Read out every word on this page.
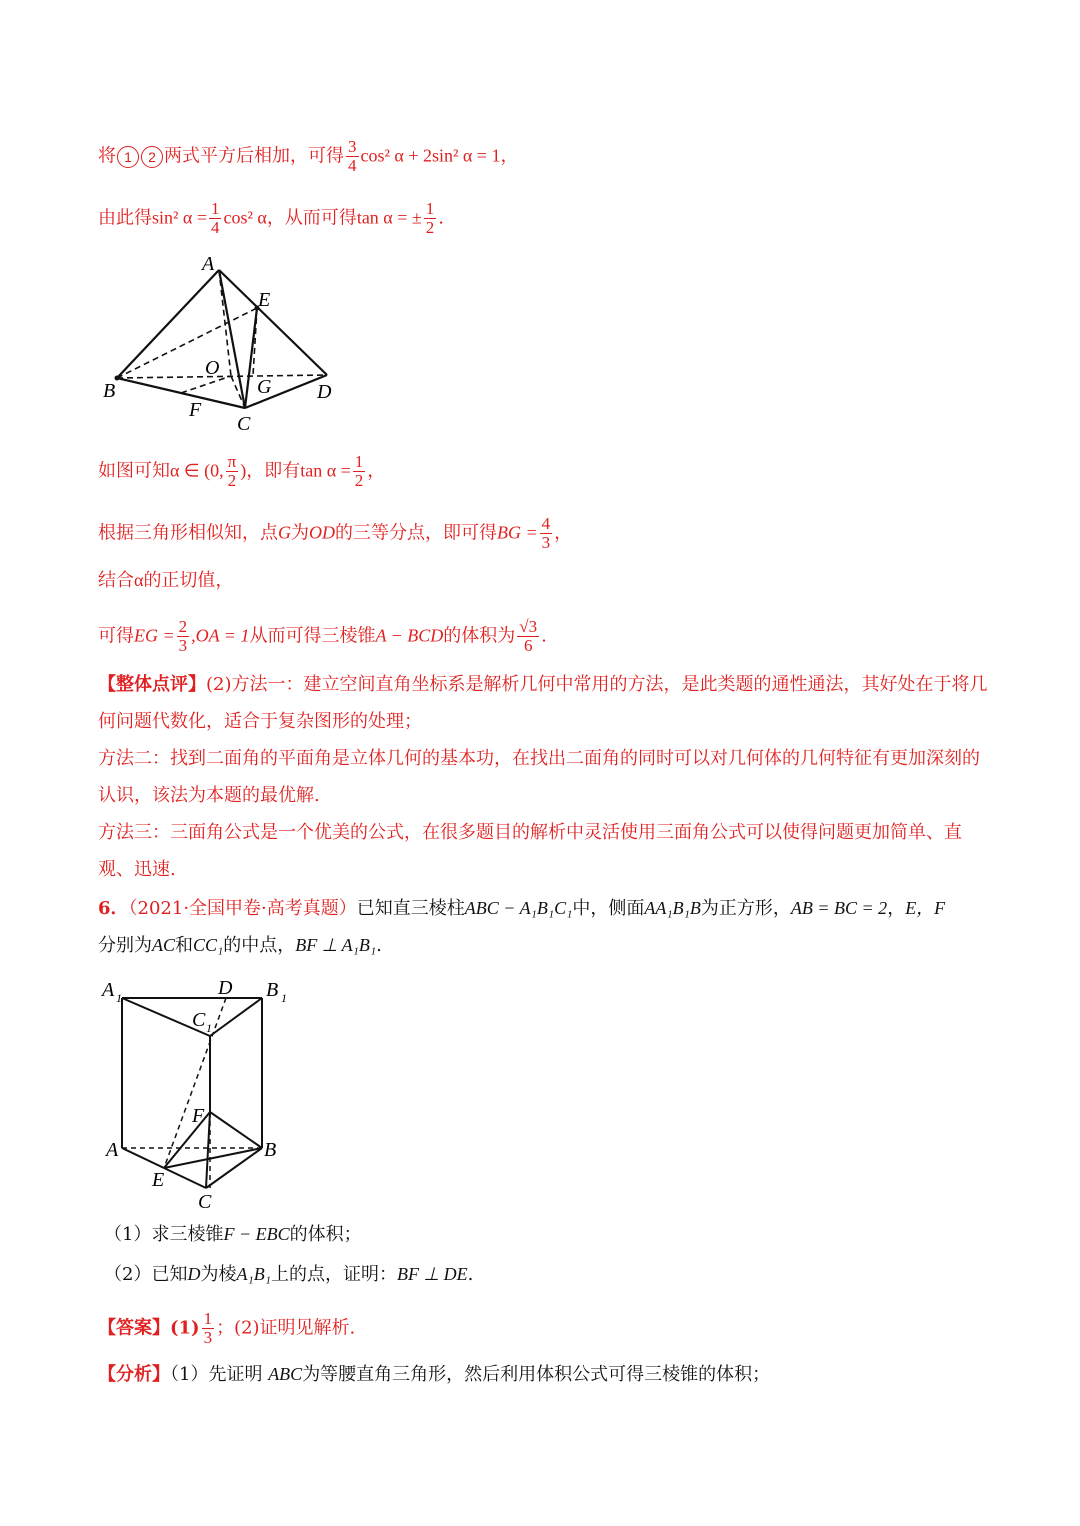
将 1 2 两式平方后相加，可得 $\frac{3}{4} \cos^2$ α + 2sin² α = 1，
由此得sin² $\alpha = \frac{1}{4} \cos^2$ α，从而可得tan α = ± $\frac{1}{2}$ .
A
E
O
G
B	D
F
C
如图可知α ∈ (0, $\frac{\pi}{2}$ )，即有$\tan \alpha = \frac{1}{2}$ ，
根据三角形相似知，点G为OD的三等分点，即可得BG = $\frac{4}{3}$ ，
结合α的正切值，
可得EG = $\frac{2}{3} ,OA = 1$从而可得三棱锥A − BCD的体积为 $\frac{√3}{6}$ .
【整体点评】(2)方法一：建立空间直角坐标系是解析几何中常用的方法，是此类题的通性通法，其好处在于将几何问题代数化，适合于复杂图形的处理；
方法二：找到二面角的平面角是立体几何的基本功，在找出二面角的同时可以对几何体的几何特征有更加深刻的认识，该法为本题的最优解.
方法三：三面角公式是一个优美的公式，在很多题目的解析中灵活使用三面角公式可以使得问题更加简单、直观、迅速.
6．（2021·全国甲卷·高考真题）已知直三棱柱ABC − A₁B₁C₁中，侧面AA₁B₁B为正方形，AB = BC = 2，E，F
分别为AC和CC₁的中点，BF ⊥ A₁B₁.
A 1	D B 1
C 1
F
A	B
E
C
（1）求三棱锥F − EBC的体积；
（2）已知D为棱A₁B₁上的点，证明：BF ⊥ DE.
【答案】$(1) \frac{1}{3}$ ；(2)证明见解析.
【分析】（1）先证明 ABC为等腰直角三角形，然后利用体积公式可得三棱锥的体积；
